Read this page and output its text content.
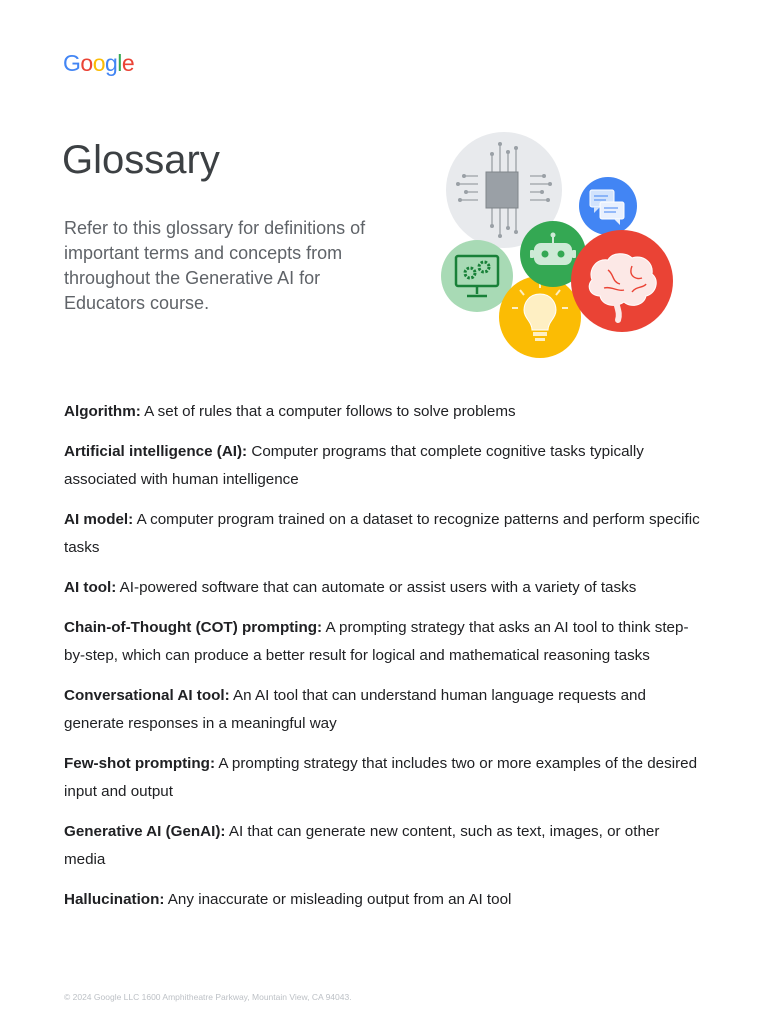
Google
Glossary

Refer to this glossary for definitions of important terms and concepts from throughout the Generative AI for Educators course.

Algorithm: A set of rules that a computer follows to solve problems

Artificial intelligence (AI): Computer programs that complete cognitive tasks typically associated with human intelligence

AI model: A computer program trained on a dataset to recognize patterns and perform specific tasks

AI tool: AI-powered software that can automate or assist users with a variety of tasks

Chain-of-Thought (COT) prompting: A prompting strategy that asks an AI tool to think step-by-step, which can produce a better result for logical and mathematical reasoning tasks

Conversational AI tool: An AI tool that can understand human language requests and generate responses in a meaningful way

Few-shot prompting: A prompting strategy that includes two or more examples of the desired input and output

Generative AI (GenAI): AI that can generate new content, such as text, images, or other media

Hallucination: Any inaccurate or misleading output from an AI tool

© 2024 Google LLC 1600 Amphitheatre Parkway, Mountain View, CA 94043.
